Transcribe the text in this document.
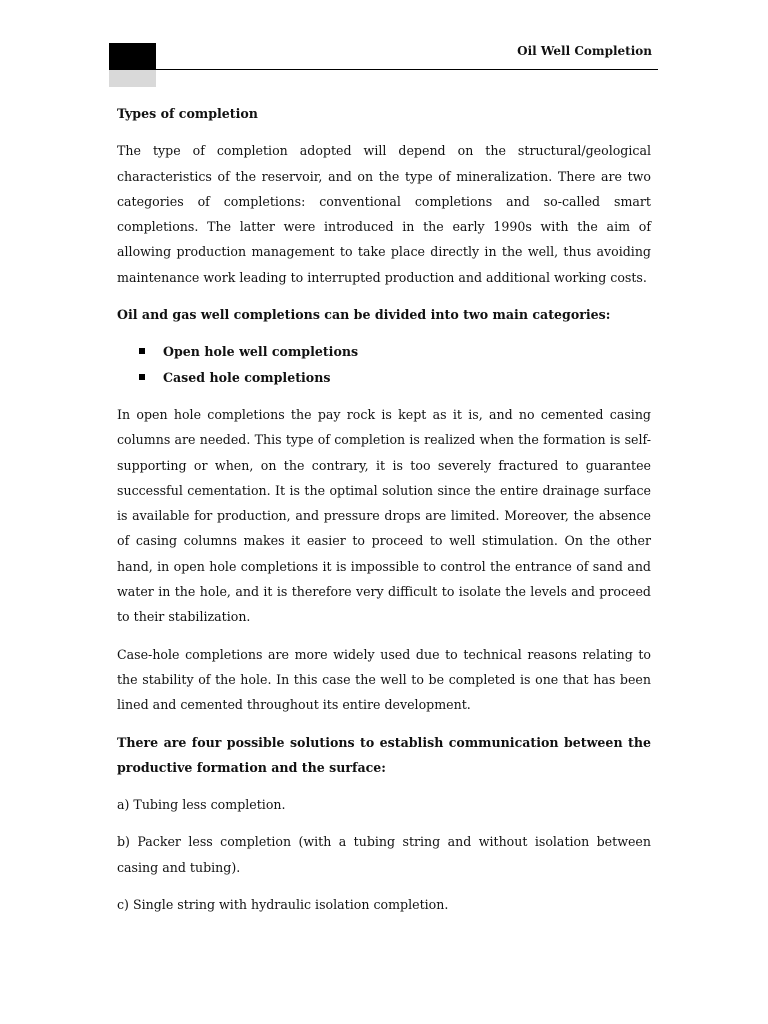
Oil Well Completion

Types of completion

The type of completion adopted will depend on the structural/geological characteristics of the reservoir, and on the type of mineralization. There are two categories of completions: conventional completions and so-called smart completions. The latter were introduced in the early 1990s with the aim of allowing production management to take place directly in the well, thus avoiding maintenance work leading to interrupted production and additional working costs.

Oil and gas well completions can be divided into two main categories:

Open hole well completions
Cased hole completions

In open hole completions the pay rock is kept as it is, and no cemented casing columns are needed. This type of completion is realized when the formation is self-supporting or when, on the contrary, it is too severely fractured to guarantee successful cementation. It is the optimal solution since the entire drainage surface is available for production, and pressure drops are limited. Moreover, the absence of casing columns makes it easier to proceed to well stimulation. On the other hand, in open hole completions it is impossible to control the entrance of sand and water in the hole, and it is therefore very difficult to isolate the levels and proceed to their stabilization.

Case-hole completions are more widely used due to technical reasons relating to the stability of the hole. In this case the well to be completed is one that has been lined and cemented throughout its entire development.

There are four possible solutions to establish communication between the productive formation and the surface:

a) Tubing less completion.

b) Packer less completion (with a tubing string and without isolation between casing and tubing).

c) Single string with hydraulic isolation completion.
